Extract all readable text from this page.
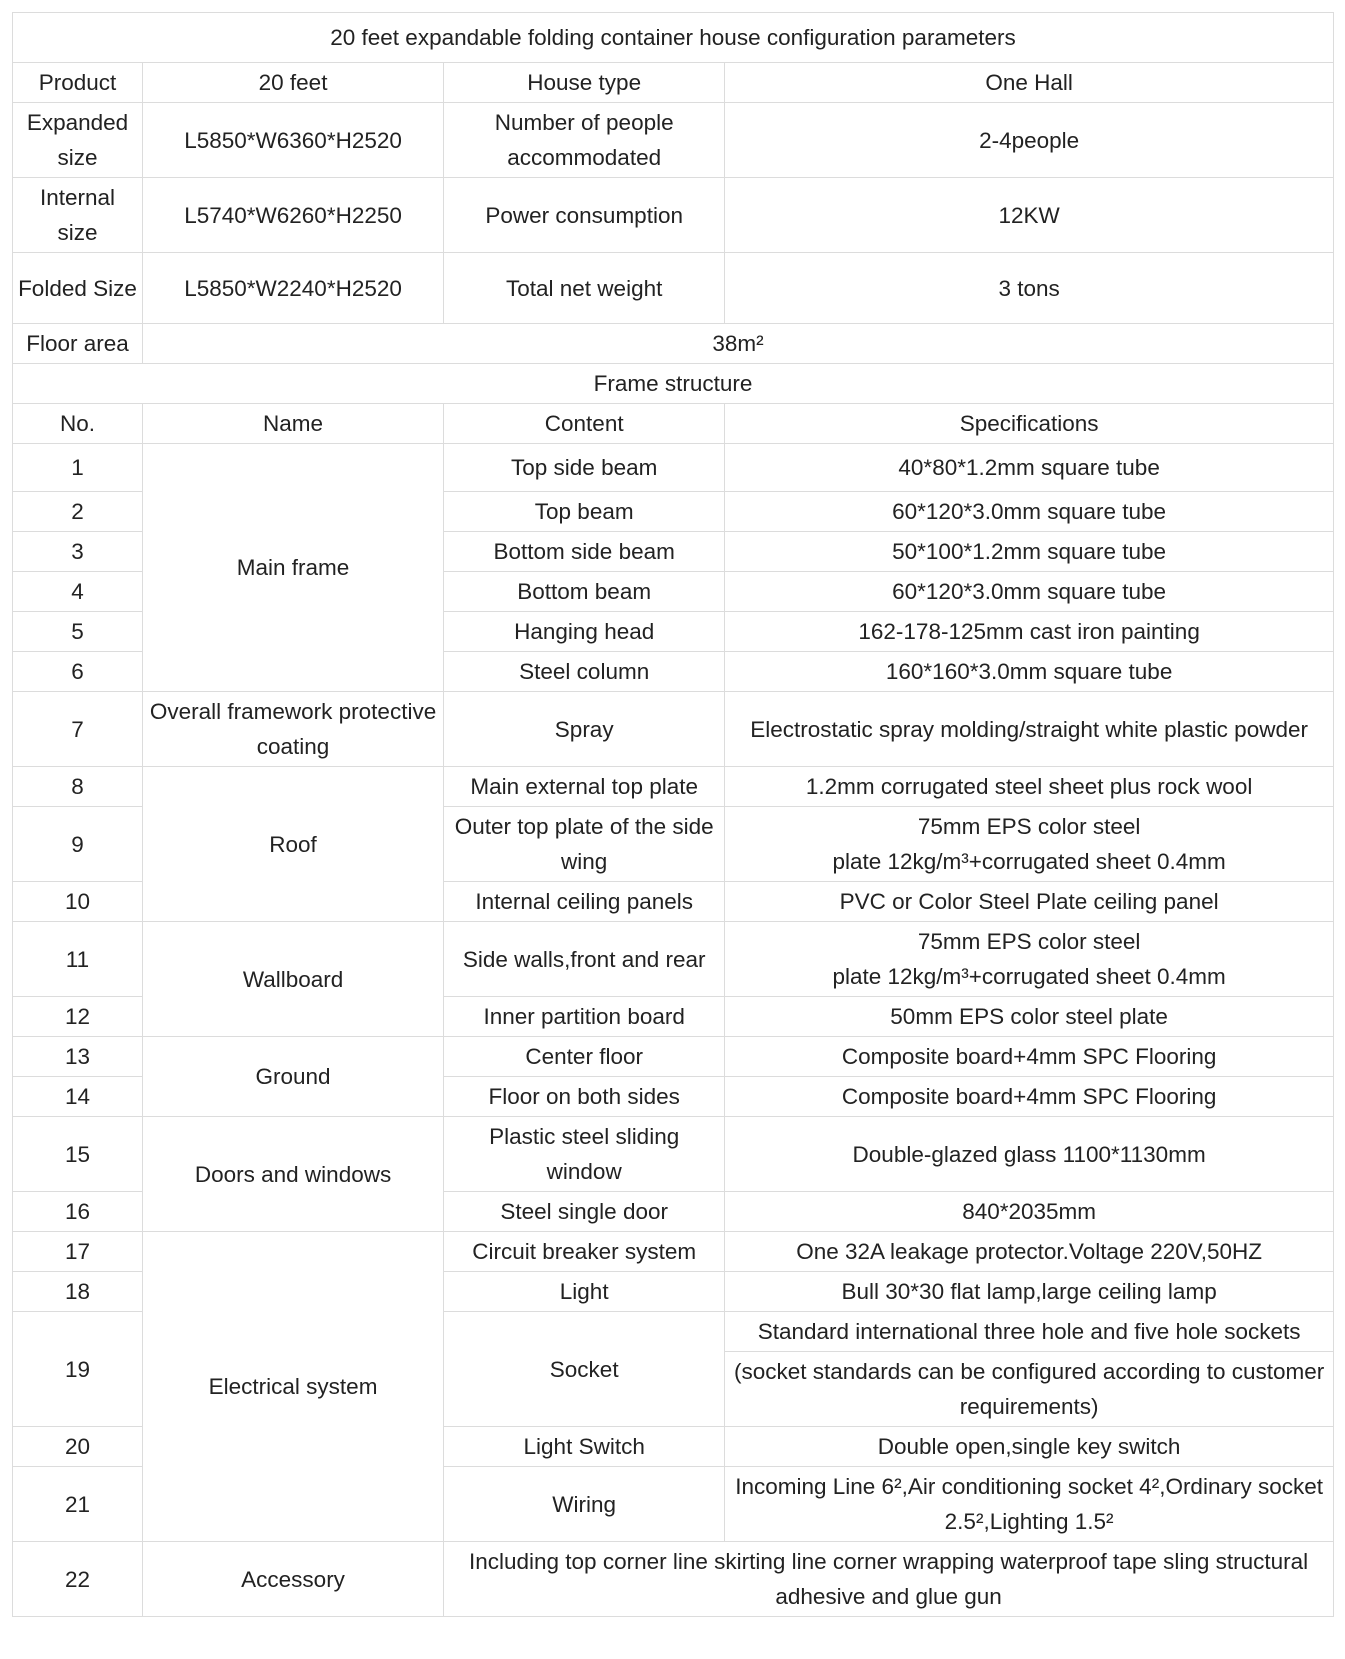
20 feet expandable folding container house configuration parameters			
Product	20 feet	House type	One Hall
Expanded size	L5850*W6360*H2520	Number of people accommodated	2-4people
Internal size	L5740*W6260*H2250	Power consumption	12KW
Folded Size	L5850*W2240*H2520	Total net weight	3 tons
Floor area	38m²		
Frame structure			
No.	Name	Content	Specifications
1	Main frame	Top side beam	40*80*1.2mm square tube
2		Top beam	60*120*3.0mm square tube
3		Bottom side beam	50*100*1.2mm square tube
4		Bottom beam	60*120*3.0mm square tube
5		Hanging head	162-178-125mm cast iron painting
6		Steel column	160*160*3.0mm square tube
7	Overall framework protective coating	Spray	Electrostatic spray molding/straight white plastic powder
8	Roof	Main external top plate	1.2mm corrugated steel sheet plus rock wool
9		Outer top plate of the side wing	75mm EPS color steel
plate 12kg/m³+corrugated sheet 0.4mm

10		Internal ceiling panels	PVC or Color Steel Plate ceiling panel
11	Wallboard	Side walls,front and rear	75mm EPS color steel
plate 12kg/m³+corrugated sheet 0.4mm

12		Inner partition board	50mm EPS color steel plate
13	Ground	Center floor	Composite board+4mm SPC Flooring
14		Floor on both sides	Composite board+4mm SPC Flooring
15	Doors and windows	Plastic steel sliding window	Double-glazed glass 1100*1130mm
16		Steel single door	840*2035mm
17	Electrical system	Circuit breaker system	One 32A leakage protector.Voltage 220V,50HZ
18		Light	Bull 30*30 flat lamp,large ceiling lamp
19		Socket	Standard international three hole and five hole sockets
			(socket standards can be configured according to customer requirements)
20		Light Switch	Double open,single key switch
21		Wiring	Incoming Line 6²,Air conditioning socket 4²,Ordinary socket 2.5²,Lighting 1.5²
22	Accessory	Including top corner line skirting line corner wrapping waterproof tape sling structural adhesive and glue gun	
